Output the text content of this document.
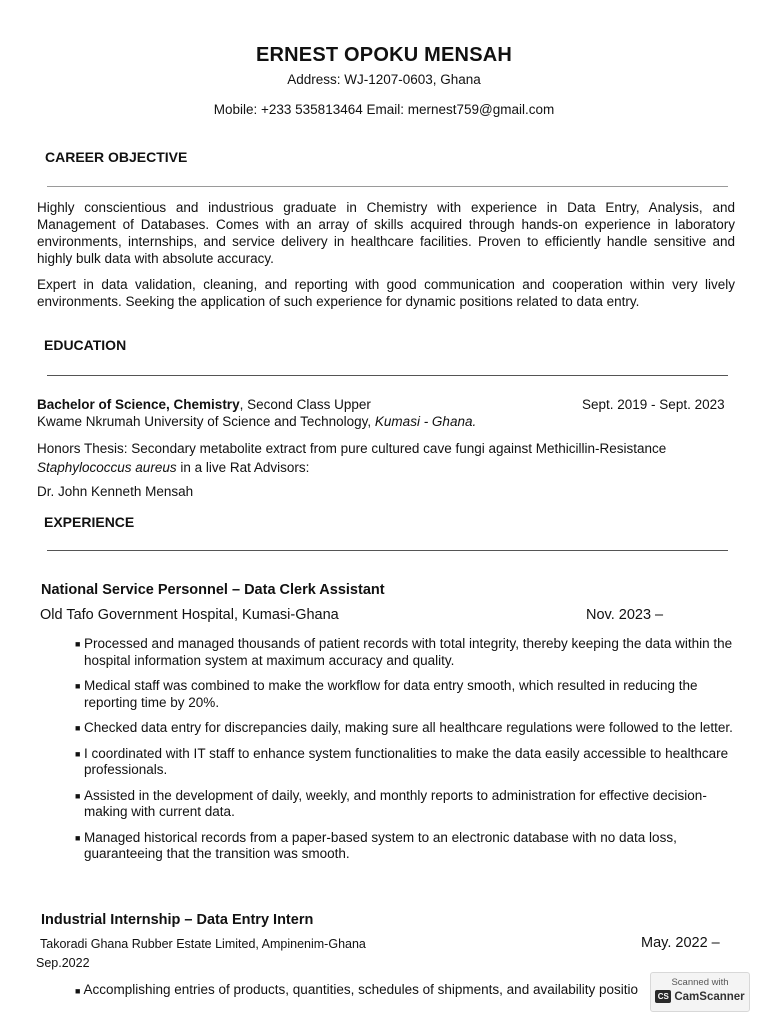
ERNEST OPOKU MENSAH
Address: WJ-1207-0603, Ghana
Mobile: +233 535813464 Email: mernest759@gmail.com
CAREER OBJECTIVE
Highly conscientious and industrious graduate in Chemistry with experience in Data Entry, Analysis, and Management of Databases. Comes with an array of skills acquired through hands-on experience in laboratory environments, internships, and service delivery in healthcare facilities. Proven to efficiently handle sensitive and highly bulk data with absolute accuracy.
Expert in data validation, cleaning, and reporting with good communication and cooperation within very lively environments. Seeking the application of such experience for dynamic positions related to data entry.
EDUCATION
Bachelor of Science, Chemistry, Second Class Upper	Sept. 2019 - Sept. 2023
Kwame Nkrumah University of Science and Technology, Kumasi - Ghana.
Honors Thesis: Secondary metabolite extract from pure cultured cave fungi against Methicillin-Resistance
Staphylococcus aureus in a live Rat Advisors:
Dr. John Kenneth Mensah
EXPERIENCE
National Service Personnel – Data Clerk Assistant
Old Tafo Government Hospital, Kumasi-Ghana	Nov. 2023 –
■ Processed and managed thousands of patient records with total integrity, thereby keeping the data within the hospital information system at maximum accuracy and quality.
■ Medical staff was combined to make the workflow for data entry smooth, which resulted in reducing the reporting time by 20%.
■ Checked data entry for discrepancies daily, making sure all healthcare regulations were followed to the letter.
■ I coordinated with IT staff to enhance system functionalities to make the data easily accessible to healthcare professionals.
■ Assisted in the development of daily, weekly, and monthly reports to administration for effective decision-making with current data.
■ Managed historical records from a paper-based system to an electronic database with no data loss, guaranteeing that the transition was smooth.
Industrial Internship – Data Entry Intern
Takoradi Ghana Rubber Estate Limited, Ampinenim-Ghana	May. 2022 –
Sep.2022
■ Accomplishing entries of products, quantities, schedules of shipments, and availability positio	Scanned with
CS CamScanner
